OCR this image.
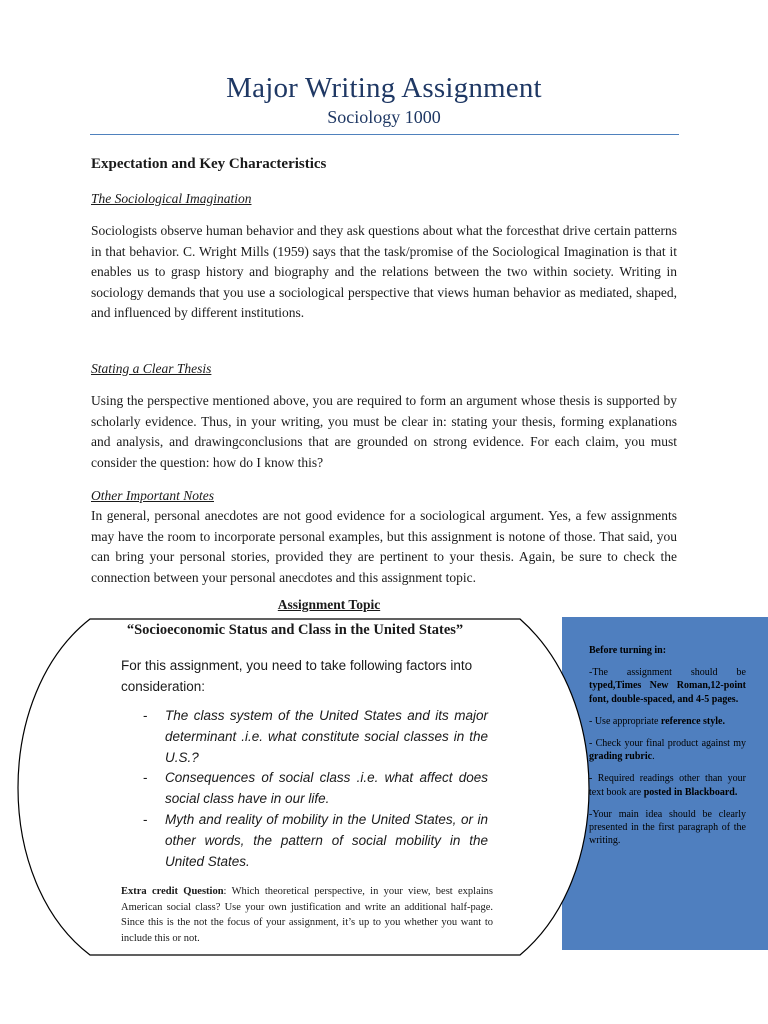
Major Writing Assignment
Sociology 1000
Expectation and Key Characteristics
The Sociological Imagination
Sociologists observe human behavior and they ask questions about what the forcesthat drive certain patterns in that behavior. C. Wright Mills (1959) says that the task/promise of the Sociological Imagination is that it enables us to grasp history and biography and the relations between the two within society. Writing in sociology demands that you use a sociological perspective that views human behavior as mediated, shaped, and influenced by different institutions.
Stating a Clear Thesis
Using the perspective mentioned above, you are required to form an argument whose thesis is supported by scholarly evidence. Thus, in your writing, you must be clear in: stating your thesis, forming explanations and analysis, and drawingconclusions that are grounded on strong evidence. For each claim, you must consider the question: how do I know this?
Other Important Notes
In general, personal anecdotes are not good evidence for a sociological argument. Yes, a few assignments may have the room to incorporate personal examples, but this assignment is notone of those. That said, you can bring your personal stories, provided they are pertinent to your thesis. Again, be sure to check the connection between your personal anecdotes and this assignment topic.
Assignment Topic

Before turning in:

-The assignment should be typed,Times New Roman,12-point font, double-spaced, and 4-5 pages.

- Use appropriate reference style.

- Check your final product against my grading rubric.

- Required readings other than your text book are posted in Blackboard.

-Your main idea should be clearly presented in the first paragraph of the writing.

“Socioeconomic Status and Class in the United States”
For this assignment, you need to take following factors into consideration:
- The class system of the United States and its major determinant .i.e. what constitute social classes in the U.S.?
- Consequences of social class .i.e. what affect does social class have in our life.
- Myth and reality of mobility in the United States, or in other words, the pattern of social mobility in the United States.
Extra credit Question: Which theoretical perspective, in your view, best explains American social class? Use your own justification and write an additional half-page. Since this is the not the focus of your assignment, it’s up to you whether you want to include this or not.
